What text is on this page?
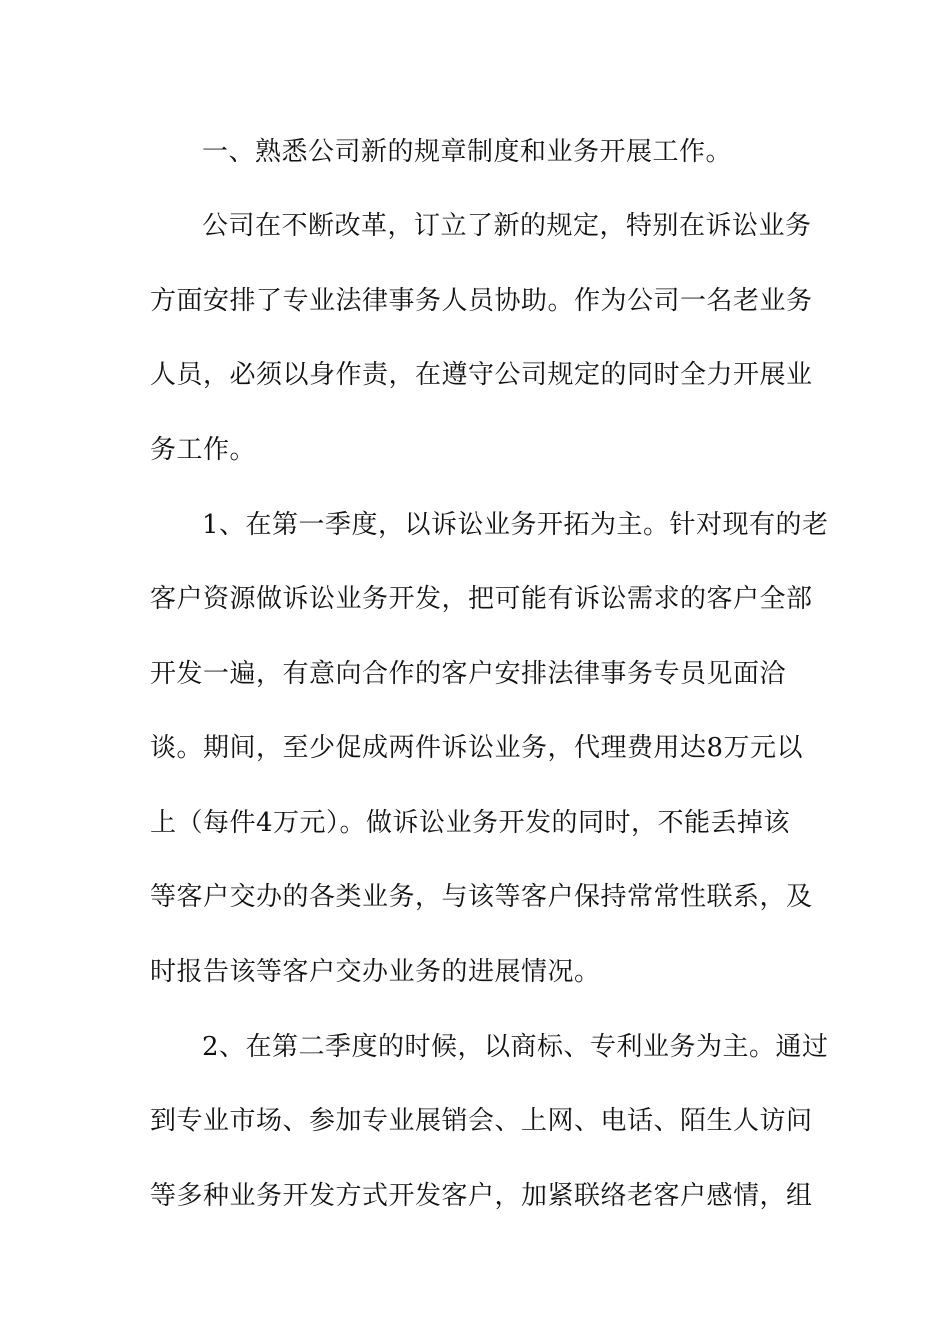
一、熟悉公司新的规章制度和业务开展工作。
公司在不断改革，订立了新的规定，特别在诉讼业务
方面安排了专业法律事务人员协助。作为公司一名老业务
人员，必须以身作责，在遵守公司规定的同时全力开展业
务工作。
1、在第一季度，以诉讼业务开拓为主。针对现有的老
客户资源做诉讼业务开发，把可能有诉讼需求的客户全部
开发一遍，有意向合作的客户安排法律事务专员见面洽
谈。期间，至少促成两件诉讼业务，代理费用达8万元以
上（每件4万元）。做诉讼业务开发的同时，不能丢掉该
等客户交办的各类业务，与该等客户保持常常性联系，及
时报告该等客户交办业务的进展情况。
2、在第二季度的时候，以商标、专利业务为主。通过
到专业市场、参加专业展销会、上网、电话、陌生人访问
等多种业务开发方式开发客户，加紧联络老客户感情，组
